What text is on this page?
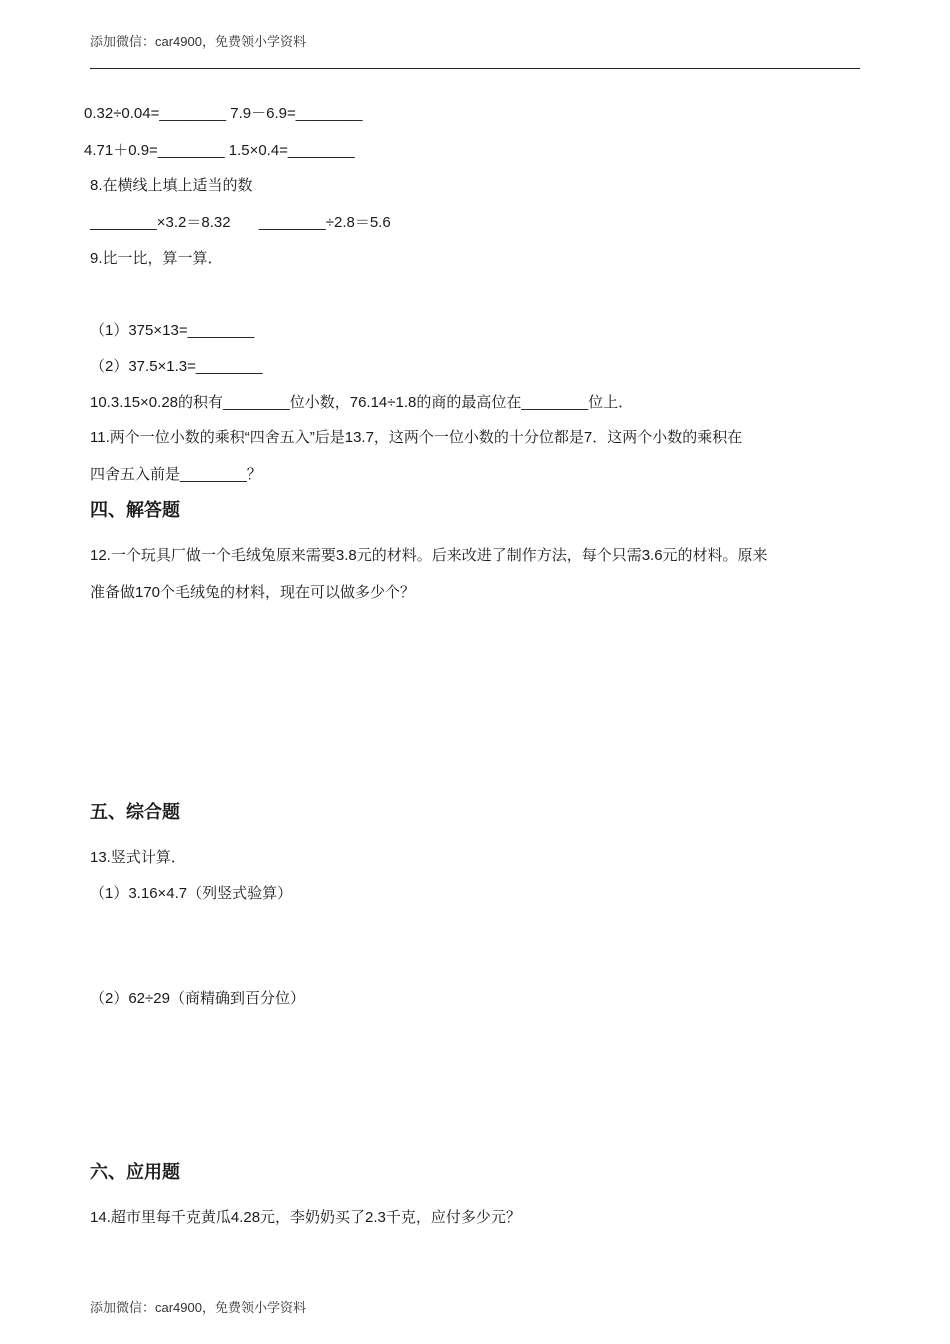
添加微信：car4900，免费领小学资料
0.32÷0.04=________ 7.9－6.9=________
4.71＋0.9=________ 1.5×0.4=________
8.在横线上填上适当的数
________×3.2＝8.32 ________÷2.8＝5.6
9.比一比，算一算．
（1）375×13=________
（2）37.5×1.3=________
10.3.15×0.28的积有________位小数，76.14÷1.8的商的最高位在________位上．
11.两个一位小数的乘积“四舍五入”后是13.7，这两个一位小数的十分位都是7．这两个小数的乘积在
四舍五入前是________？
四、解答题
12.一个玩具厂做一个毛绒兔原来需要3.8元的材料。后来改进了制作方法，每个只需3.6元的材料。原来
准备做170个毛绒兔的材料，现在可以做多少个？
五、综合题
13.竖式计算．
（1）3.16×4.7（列竖式验算）
（2）62÷29（商精确到百分位）
六、应用题
14.超市里每千克黄瓜4.28元，李奶奶买了2.3千克，应付多少元？
添加微信：car4900，免费领小学资料
